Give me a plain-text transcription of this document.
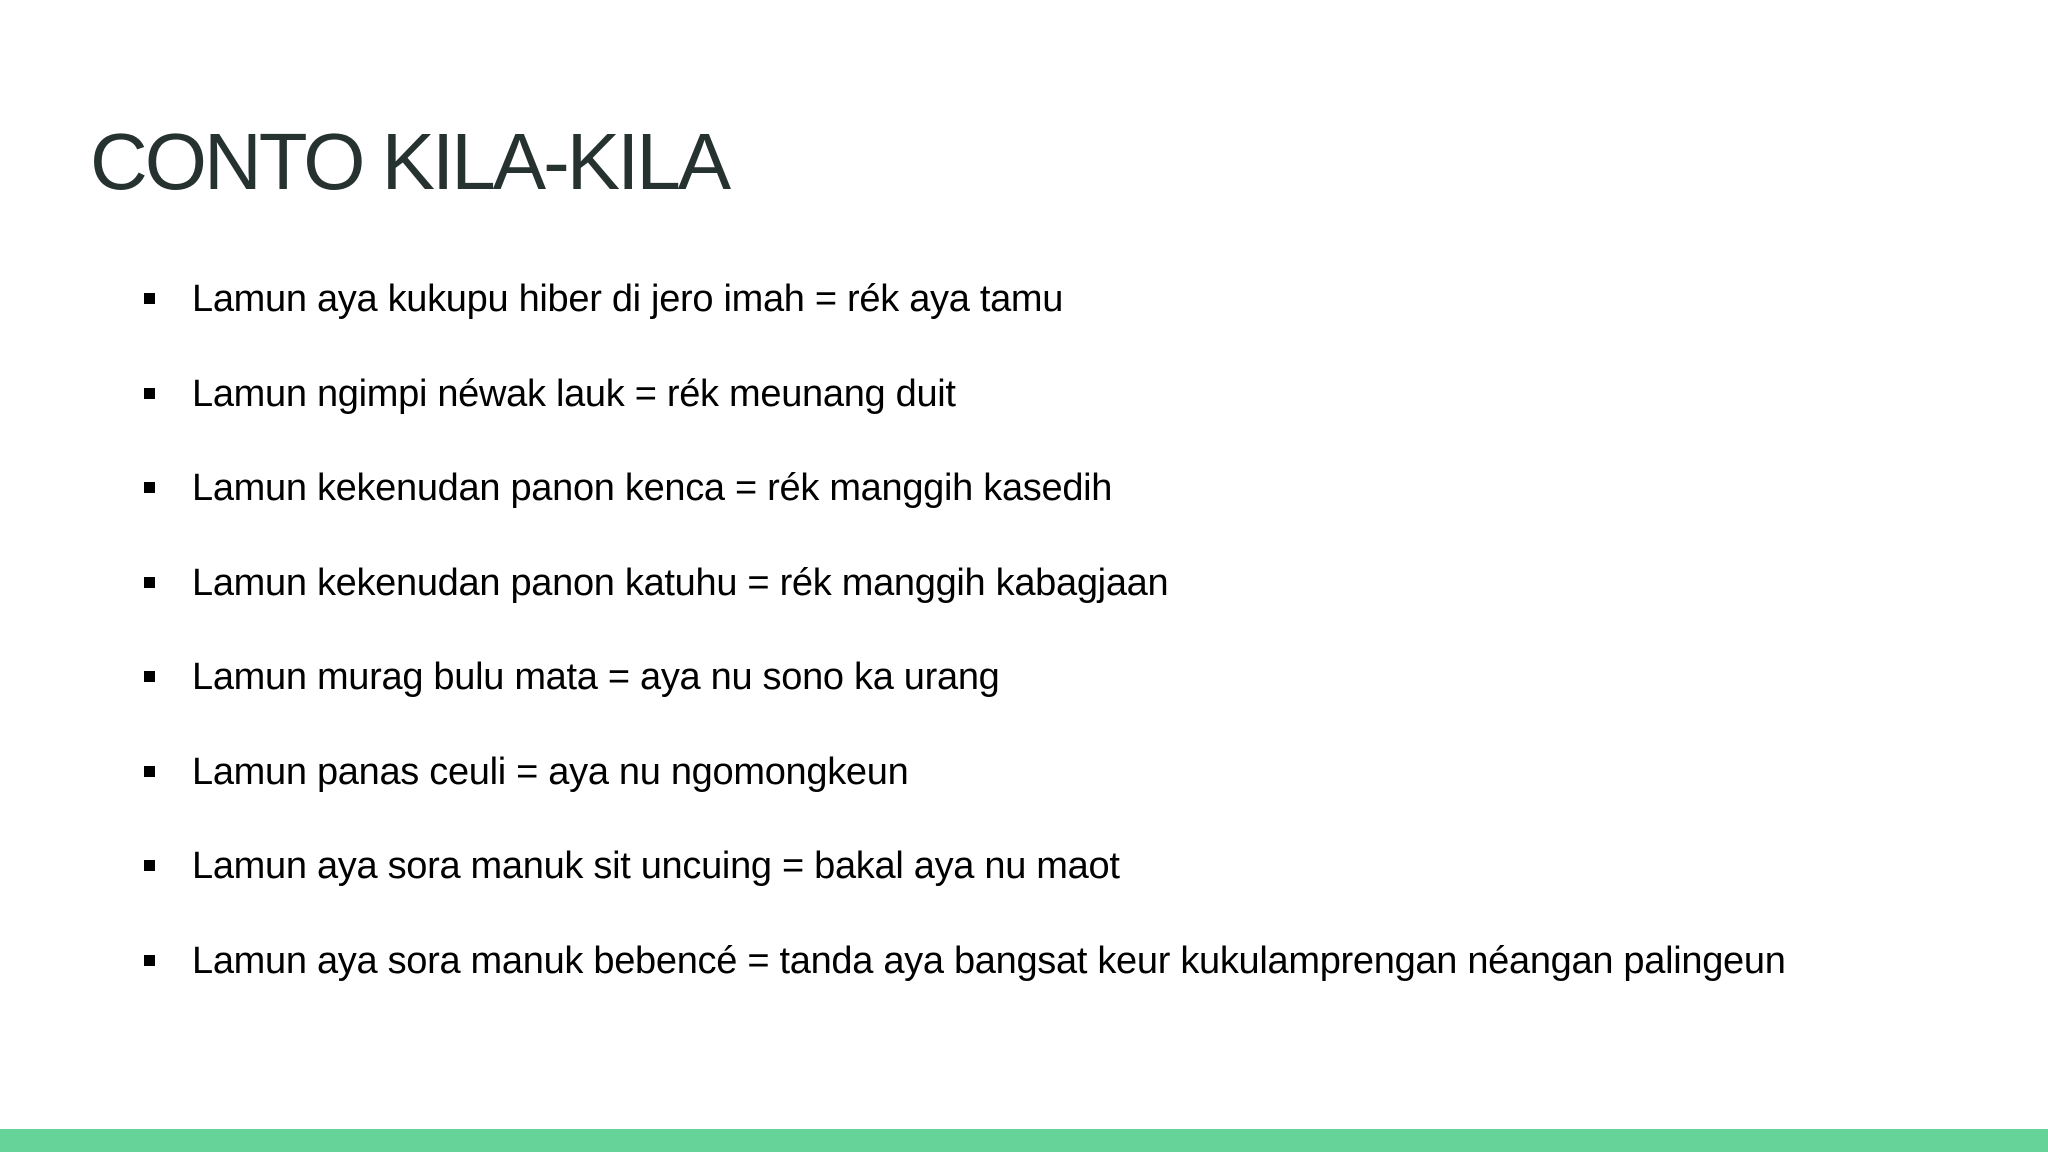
CONTO KILA-KILA
Lamun aya kukupu hiber di jero imah = rék aya tamu
Lamun ngimpi néwak lauk = rék meunang duit
Lamun kekenudan panon kenca = rék manggih kasedih
Lamun kekenudan panon katuhu = rék manggih kabagjaan
Lamun murag bulu mata = aya nu sono ka urang
Lamun panas ceuli = aya nu ngomongkeun
Lamun aya sora manuk sit uncuing = bakal aya nu maot
Lamun aya sora manuk bebencé = tanda aya bangsat keur kukulamprengan néangan palingeun
